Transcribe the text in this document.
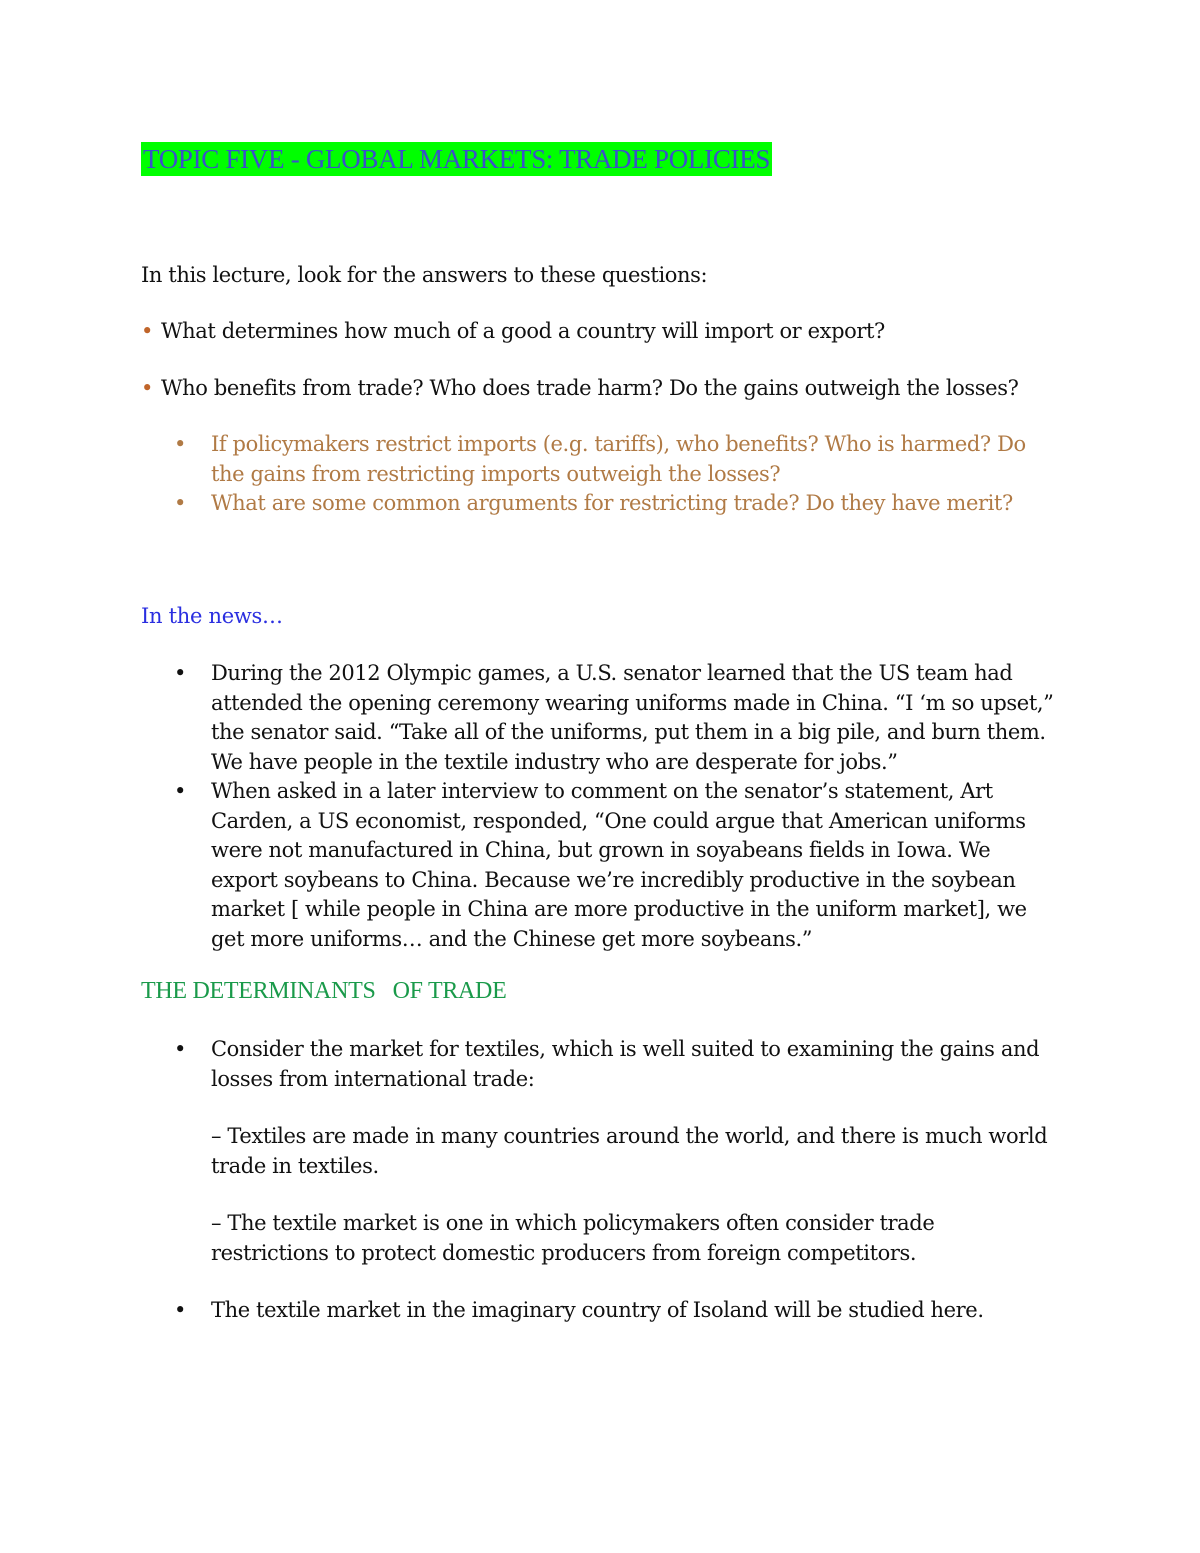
TOPIC FIVE - GLOBAL MARKETS: TRADE POLICIES
In this lecture, look for the answers to these questions:
• What determines how much of a good a country will import or export?
• Who benefits from trade? Who does trade harm? Do the gains outweigh the losses?
•	If policymakers restrict imports (e.g. tariffs), who benefits? Who is harmed? Do the gains from restricting imports outweigh the losses?
•	What are some common arguments for restricting trade? Do they have merit?
In the news…
•	During the 2012 Olympic games, a U.S. senator learned that the US team had attended the opening ceremony wearing uniforms made in China. “I ‘m so upset,” the senator said. “Take all of the uniforms, put them in a big pile, and burn them. We have people in the textile industry who are desperate for jobs.”
•	When asked in a later interview to comment on the senator’s statement, Art Carden, a US economist, responded, “One could argue that American uniforms were not manufactured in China, but grown in soyabeans fields in Iowa. We export soybeans to China. Because we’re incredibly productive in the soybean market [ while people in China are more productive in the uniform market], we get more uniforms… and the Chinese get more soybeans.”
THE DETERMINANTS   OF TRADE
•	Consider the market for textiles, which is well suited to examining the gains and losses from international trade:
– Textiles are made in many countries around the world, and there is much world trade in textiles.
– The textile market is one in which policymakers often consider trade restrictions to protect domestic producers from foreign competitors.
•	The textile market in the imaginary country of Isoland will be studied here.
